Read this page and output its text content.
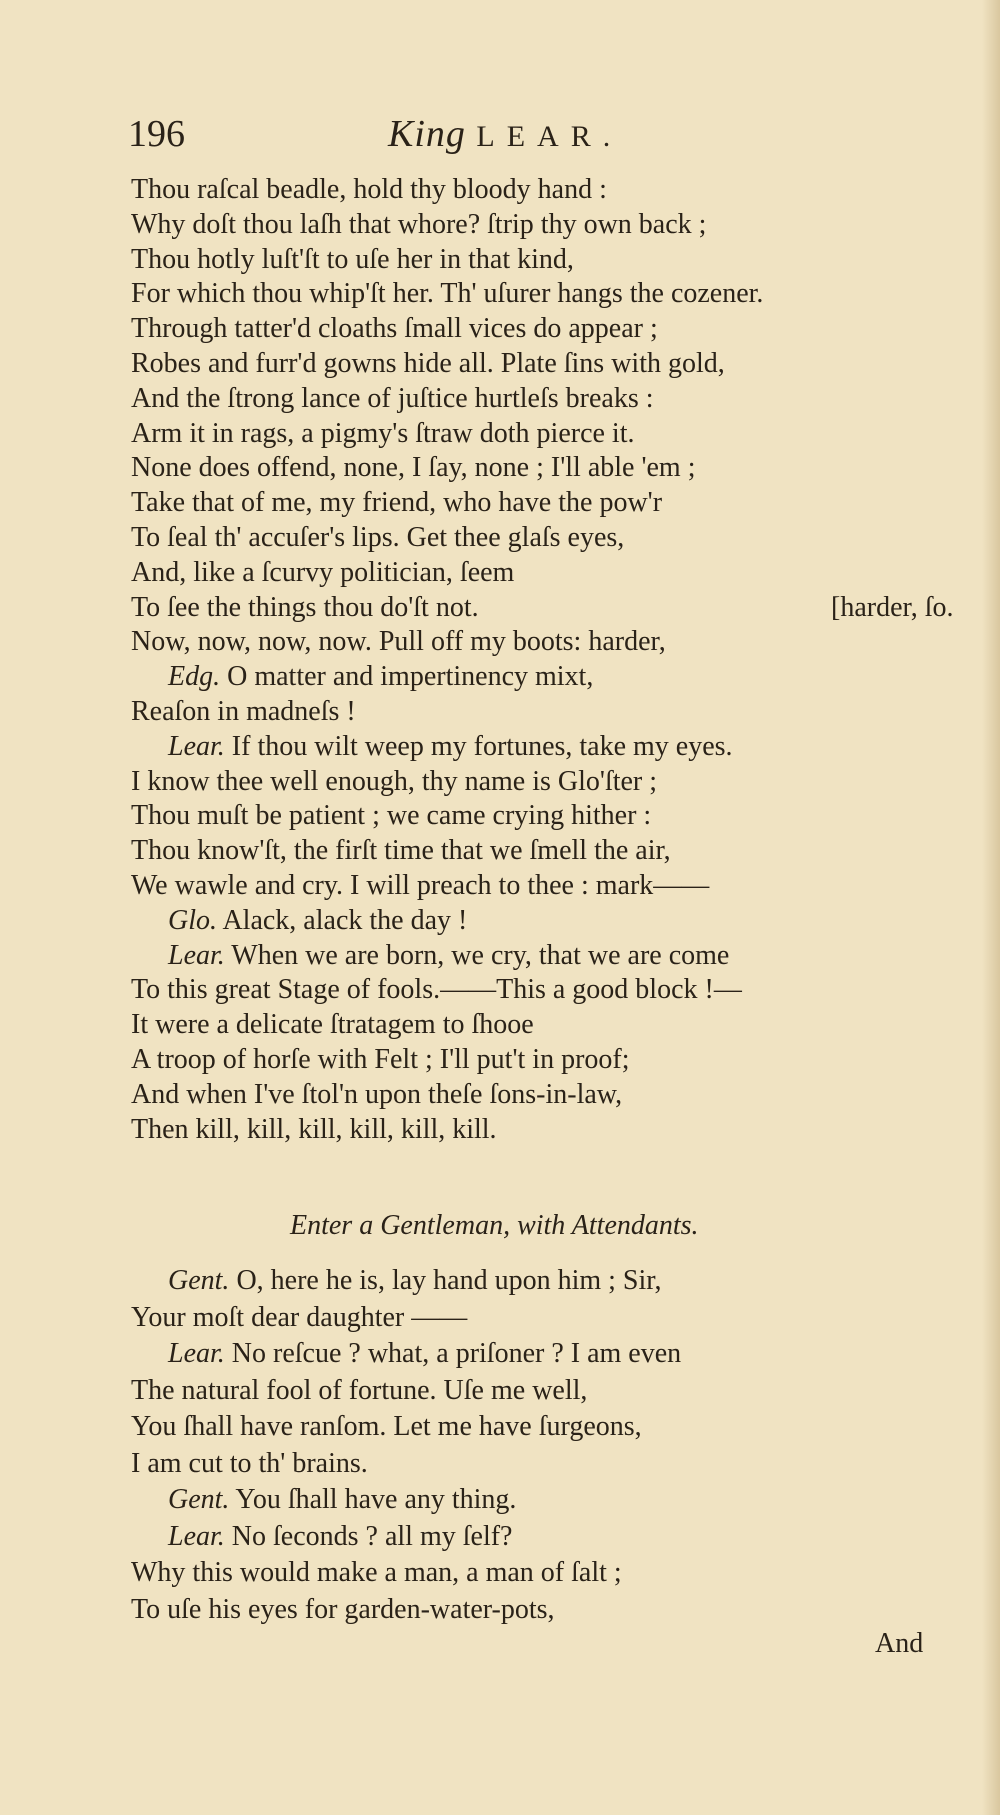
196	King LEAR.
Thou raſcal beadle, hold thy bloody hand :
Why doſt thou laſh that whore? ſtrip thy own back ;
Thou hotly luſt'ſt to uſe her in that kind,
For which thou whip'ſt her. Th' uſurer hangs the cozener.
Through tatter'd cloaths ſmall vices do appear ;
Robes and furr'd gowns hide all. Plate ſins with gold,
And the ſtrong lance of juſtice hurtleſs breaks :
Arm it in rags, a pigmy's ſtraw doth pierce it.
None does offend, none, I ſay, none ; I'll able 'em ;
Take that of me, my friend, who have the pow'r
To ſeal th' accuſer's lips. Get thee glaſs eyes,
And, like a ſcurvy politician, ſeem
To ſee the things thou do'ſt not.	[harder, ſo.
Now, now, now, now. Pull off my boots: harder,
Edg. O matter and impertinency mixt,
Reaſon in madneſs !
Lear. If thou wilt weep my fortunes, take my eyes.
I know thee well enough, thy name is Glo'ſter ;
Thou muſt be patient ; we came crying hither :
Thou know'ſt, the firſt time that we ſmell the air,
We wawle and cry. I will preach to thee : mark——
Glo. Alack, alack the day !
Lear. When we are born, we cry, that we are come
To this great Stage of fools.——This a good block !—
It were a delicate ſtratagem to ſhooe
A troop of horſe with Felt ; I'll put't in proof;
And when I've ſtol'n upon theſe ſons-in-law,
Then kill, kill, kill, kill, kill, kill.
Enter a Gentleman, with Attendants.
Gent. O, here he is, lay hand upon him ; Sir,
Your moſt dear daughter ——
Lear. No reſcue ? what, a priſoner ? I am even
The natural fool of fortune. Uſe me well,
You ſhall have ranſom. Let me have ſurgeons,
I am cut to th' brains.
Gent. You ſhall have any thing.
Lear. No ſeconds ? all my ſelf?
Why this would make a man, a man of ſalt ;
To uſe his eyes for garden-water-pots,
And
